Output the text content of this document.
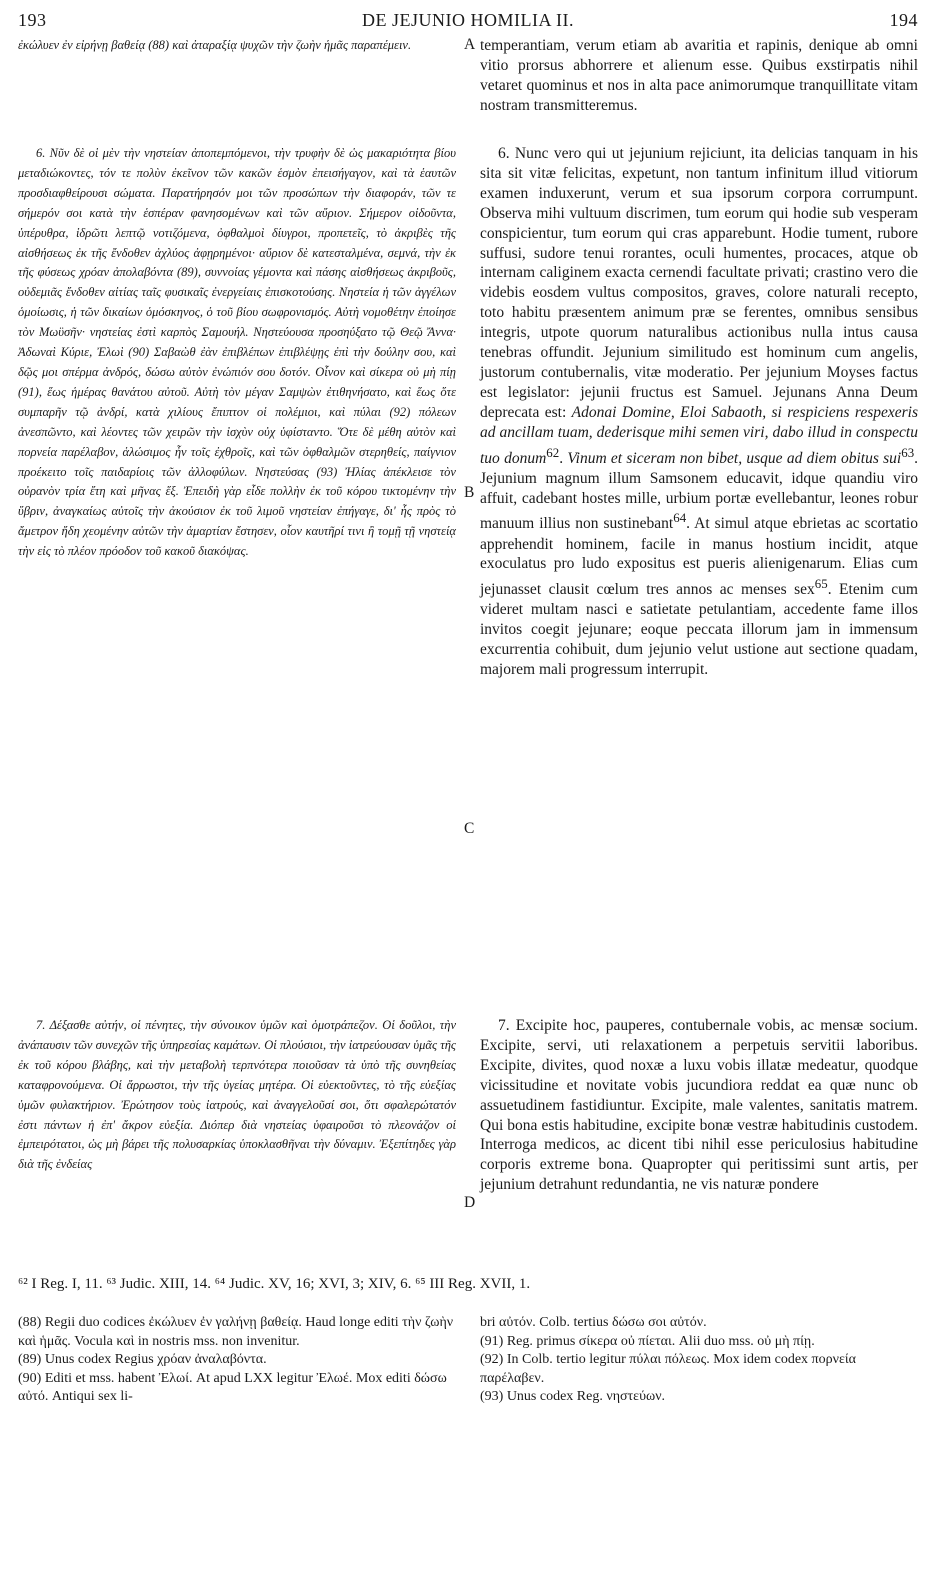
193	DE JEJUNIO HOMILIA II.	194
ἐκώλυεν ἐν εἰρήνῃ βαθείᾳ (88) καὶ ἀταραξίᾳ ψυχῶν τὴν ζωὴν ἡμᾶς παραπέμειν.	temperantiam, verum etiam ab avaritia et rapinis, denique ab omni vitio prorsus abhorrere et alienum esse. Quibus exstirpatis nihil vetaret quominus et nos in alta pace animorumque tranquillitate vitam nostram transmitteremus.
6. Νῦν δὲ οἱ μὲν τὴν νηστείαν ἀποπεμπόμενοι, τὴν τρυφὴν δὲ ὡς μακαριότητα βίου μεταδιώκοντες, τόν τε πολὺν ἐκεῖνον τῶν κακῶν ἑσμὸν ἐπεισήγαγον, καὶ τὰ ἑαυτῶν προσδιαφθείρουσι σώματα. Παρατήρησόν μοι τῶν προσώπων τὴν διαφοράν, τῶν τε σήμερόν σοι κατὰ τὴν ἑσπέραν φανησομένων καὶ τῶν αὔριον. Σήμερον οἰδοῦντα, ὑπέρυθρα, ἱδρῶτι λεπτῷ νοτιζόμενα, ὀφθαλμοὶ δίυγροι, προπετεῖς, τὸ ἀκριβὲς τῆς αἰσθήσεως ἐκ τῆς ἔνδοθεν ἀχλύος ἀφῃρημένοι· αὔριον δὲ κατεσταλμένα, σεμνά, τὴν ἐκ τῆς φύσεως χρόαν ἀπολαβόντα (89), συννοίας γέμοντα καὶ πάσης αἰσθήσεως ἀκριβοῦς, οὐδεμιᾶς ἔνδοθεν αἰτίας ταῖς φυσικαῖς ἐνεργείαις ἐπισκοτούσης. Νηστεία ἡ τῶν ἀγγέλων ὁμοίωσις, ἡ τῶν δικαίων ὁμόσκηνος, ὁ τοῦ βίου σωφρονισμός. Αὐτὴ νομοθέτην ἐποίησε τὸν Μωϋσῆν· νηστείας ἐστὶ καρπὸς Σαμουήλ. Νηστεύουσα προσηύξατο τῷ Θεῷ Ἄννα· Ἀδωναὶ Κύριε, Ἐλωὶ (90) Σαβαὼθ ἐὰν ἐπιβλέπων ἐπιβλέψῃς ἐπὶ τὴν δούλην σου, καὶ δῷς μοι σπέρμα ἀνδρός, δώσω αὐτὸν ἐνώπιόν σου δοτόν. Οἶνον καὶ σίκερα οὐ μὴ πίῃ (91), ἕως ἡμέρας θανάτου αὐτοῦ. Αὐτὴ τὸν μέγαν Σαμψὼν ἐτιθηνήσατο, καὶ ἕως ὅτε συμπαρῆν τῷ ἀνδρί, κατὰ χιλίους ἔπιπτον οἱ πολέμιοι, καὶ πύλαι (92) πόλεων ἀνεσπῶντο, καὶ λέοντες τῶν χειρῶν τὴν ἰσχὺν οὐχ ὑφίσταντο. Ὅτε δὲ μέθη αὐτὸν καὶ πορνεία παρέλαβον, ἁλώσιμος ἦν τοῖς ἐχθροῖς, καὶ τῶν ὀφθαλμῶν στερηθείς, παίγνιον προέκειτο τοῖς παιδαρίοις τῶν ἀλλοφύλων. Νηστεύσας (93) Ἠλίας ἀπέκλεισε τὸν οὐρανὸν τρία ἔτη καὶ μῆνας ἕξ. Ἐπειδὴ γὰρ εἶδε πολλὴν ἐκ τοῦ κόρου τικτομένην τὴν ὕβριν, ἀναγκαίως αὐτοῖς τὴν ἀκούσιον ἐκ τοῦ λιμοῦ νηστείαν ἐπήγαγε, δι' ἧς πρὸς τὸ ἄμετρον ἤδη χεομένην αὐτῶν τὴν ἁμαρτίαν ἔστησεν, οἷον καυτῆρί τινι ἢ τομῇ τῇ νηστείᾳ τὴν εἰς τὸ πλέον πρόοδον τοῦ κακοῦ διακόψας.
6. Nunc vero qui ut jejunium rejiciunt, ita delicias tanquam in his sita sit vitæ felicitas, expetunt, non tantum infinitum illud vitiorum examen induxerunt, verum et sua ipsorum corpora corrumpunt. Observa mihi vultuum discrimen, tum eorum qui hodie sub vesperam conspicientur, tum eorum qui cras apparebunt. Hodie tument, rubore suffusi, sudore tenui rorantes, oculi humentes, procaces, atque ob internam caliginem exacta cernendi facultate privati; crastino vero die videbis eosdem vultus compositos, graves, colore naturali recepto, toto habitu præsentem animum præ se ferentes, omnibus sensibus integris, utpote quorum naturalibus actionibus nulla intus causa tenebras offundit. Jejunium similitudo est hominum cum angelis, justorum contubernalis, vitæ moderatio. Per jejunium Moyses factus est legislator: jejunii fructus est Samuel. Jejunans Anna Deum deprecata est: Adonai Domine, Eloi Sabaoth, si respiciens respexeris ad ancillam tuam, dederisque mihi semen viri, dabo illud in conspectu tuo donum$^{62}$. Vinum et siceram non bibet, usque ad diem obitus sui$^{63}$. Jejunium magnum illum Samsonem educavit, idque quandiu viro affuit, cadebant hostes mille, urbium portæ evellebantur, leones robur manuum illius non sustinebant$^{64}$. At simul atque ebrietas ac scortatio apprehendit hominem, facile in manus hostium incidit, atque exoculatus pro ludo expositus est pueris alienigenarum. Elias cum jejunasset clausit cœlum tres annos ac menses sex$^{65}$. Etenim cum videret multam nasci e satietate petulantiam, accedente fame illos invitos coegit jejunare; eoque peccata illorum jam in immensum excurrentia cohibuit, dum jejunio velut ustione aut sectione quadam, majorem mali progressum interrupit.
7. Δέξασθε αὐτήν, οἱ πένητες, τὴν σύνοικον ὑμῶν καὶ ὁμοτράπεζον. Οἱ δοῦλοι, τὴν ἀνάπαυσιν τῶν συνεχῶν τῆς ὑπηρεσίας καμάτων. Οἱ πλούσιοι, τὴν ἰατρεύουσαν ὑμᾶς τῆς ἐκ τοῦ κόρου βλάβης, καὶ τὴν μεταβολὴ τερπνότερα ποιοῦσαν τὰ ὑπὸ τῆς συνηθείας καταφρονούμενα. Οἱ ἄρρωστοι, τὴν τῆς ὑγείας μητέρα. Οἱ εὐεκτοῦντες, τὸ τῆς εὐεξίας ὑμῶν φυλακτήριον. Ἐρώτησον τοὺς ἰατρούς, καὶ ἀναγγελοῦσί σοι, ὅτι σφαλερώτατόν ἐστι πάντων ἡ ἐπ' ἄκρον εὐεξία. Διόπερ διὰ νηστείας ὑφαιροῦσι τὸ πλεονάζον οἱ ἐμπειρότατοι, ὡς μὴ βάρει τῆς πολυσαρκίας ὑποκλασθῆναι τὴν δύναμιν. Ἐξεπίτηδες γὰρ διὰ τῆς ἐνδείας
7. Excipite hoc, pauperes, contubernale vobis, ac mensæ socium. Excipite, servi, uti relaxationem a perpetuis servitii laboribus. Excipite, divites, quod noxæ a luxu vobis illatæ medeatur, quodque vicissitudine et novitate vobis jucundiora reddat ea quæ nunc ob assuetudinem fastidiuntur. Excipite, male valentes, sanitatis matrem. Qui bona estis habitudine, excipite bonæ vestræ habitudinis custodem. Interroga medicos, ac dicent tibi nihil esse periculosius habitudine corporis extreme bona. Quapropter qui peritissimi sunt artis, per jejunium detrahunt redundantia, ne vis naturæ pondere
A
B
C
D
⁶² I Reg. I, 11. ⁶³ Judic. XIII, 14. ⁶⁴ Judic. XV, 16; XVI, 3; XIV, 6. ⁶⁵ III Reg. XVII, 1.

(88) Regii duo codices ἐκώλυεν ἐν γαλήνῃ βαθείᾳ. Haud longe editi τὴν ζωὴν καὶ ἡμᾶς. Vocula καὶ in nostris mss. non invenitur.

(89) Unus codex Regius χρόαν ἀναλαβόντα.

(90) Editi et mss. habent Ἐλωί. At apud LXX legitur Ἐλωέ. Mox editi δώσω αὐτό. Antiqui sex li-

bri αὐτόν. Colb. tertius δώσω σοι αὐτόν.

(91) Reg. primus σίκερα οὐ πίεται. Alii duo mss. οὐ μὴ πίῃ.

(92) In Colb. tertio legitur πύλαι πόλεως. Mox idem codex πορνεία παρέλαβεν.

(93) Unus codex Reg. νηστεύων.
